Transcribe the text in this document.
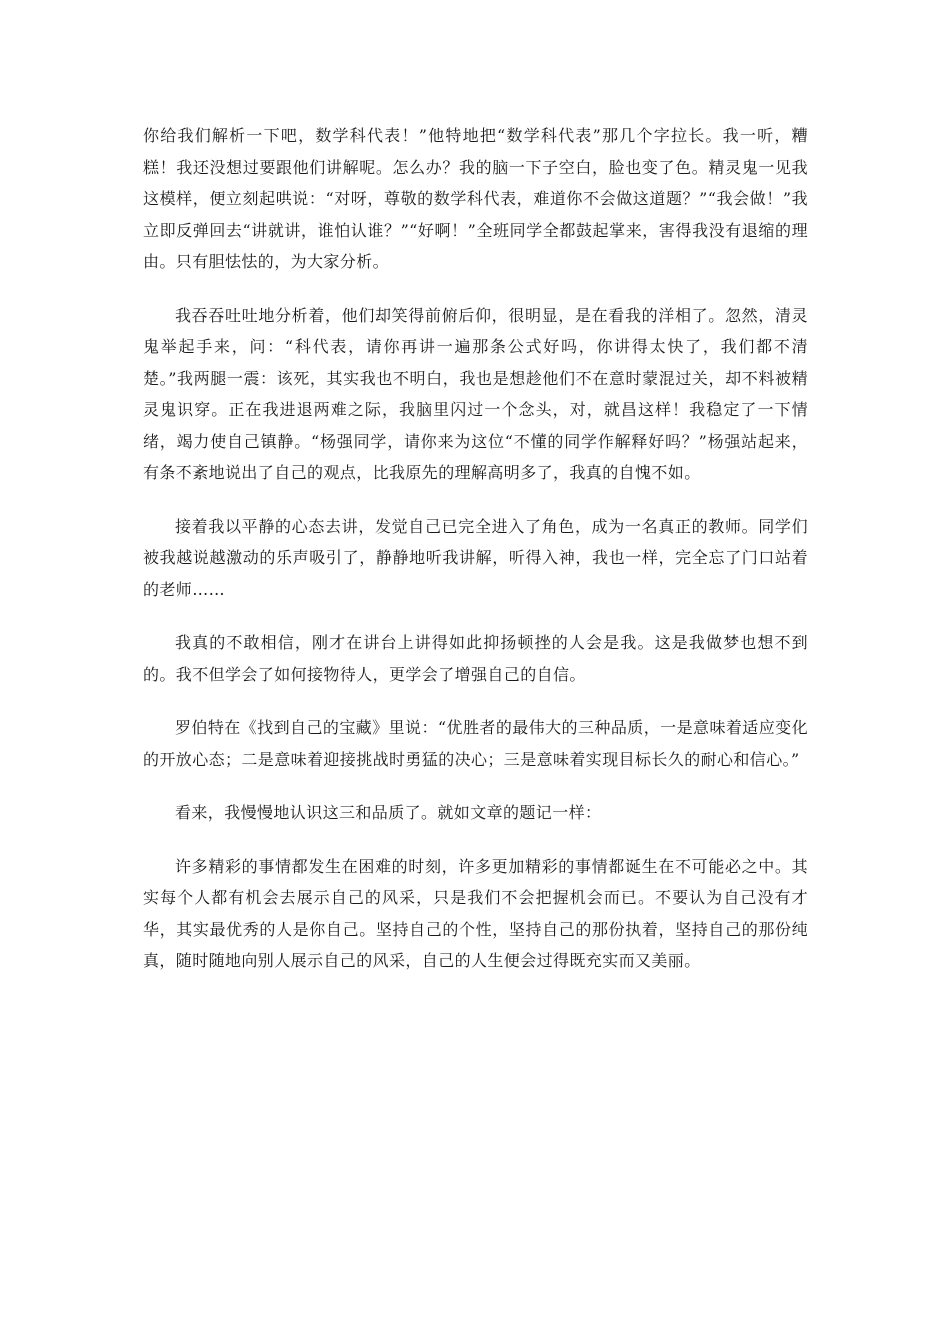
你给我们解析一下吧，数学科代表！”他特地把“数学科代表”那几个字拉长。我一听，糟糕！我还没想过要跟他们讲解呢。怎么办？我的脑一下子空白，脸也变了色。精灵鬼一见我这模样，便立刻起哄说：“对呀，尊敬的数学科代表，难道你不会做这道题？”“我会做！”我立即反弹回去“讲就讲，谁怕认谁？”“好啊！”全班同学全都鼓起掌来，害得我没有退缩的理由。只有胆怯怯的，为大家分析。

我吞吞吐吐地分析着，他们却笑得前俯后仰，很明显，是在看我的洋相了。忽然，清灵鬼举起手来，问：“科代表，请你再讲一遍那条公式好吗，你讲得太快了，我们都不清楚。”我两腿一震：该死，其实我也不明白，我也是想趁他们不在意时蒙混过关，却不料被精灵鬼识穿。正在我进退两难之际，我脑里闪过一个念头，对，就昌这样！我稳定了一下情绪，竭力使自己镇静。“杨强同学，请你来为这位“不懂的同学作解释好吗？”杨强站起来，有条不紊地说出了自己的观点，比我原先的理解高明多了，我真的自愧不如。

接着我以平静的心态去讲，发觉自己已完全进入了角色，成为一名真正的教师。同学们被我越说越激动的乐声吸引了，静静地听我讲解，听得入神，我也一样，完全忘了门口站着的老师……

我真的不敢相信，刚才在讲台上讲得如此抑扬顿挫的人会是我。这是我做梦也想不到的。我不但学会了如何接物待人，更学会了增强自己的自信。

罗伯特在《找到自己的宝藏》里说：“优胜者的最伟大的三种品质，一是意味着适应变化的开放心态；二是意味着迎接挑战时勇猛的决心；三是意味着实现目标长久的耐心和信心。”

看来，我慢慢地认识这三和品质了。就如文章的题记一样：

许多精彩的事情都发生在困难的时刻，许多更加精彩的事情都诞生在不可能必之中。其实每个人都有机会去展示自己的风采，只是我们不会把握机会而已。不要认为自己没有才华，其实最优秀的人是你自己。坚持自己的个性，坚持自己的那份执着，坚持自己的那份纯真，随时随地向别人展示自己的风采，自己的人生便会过得既充实而又美丽。
